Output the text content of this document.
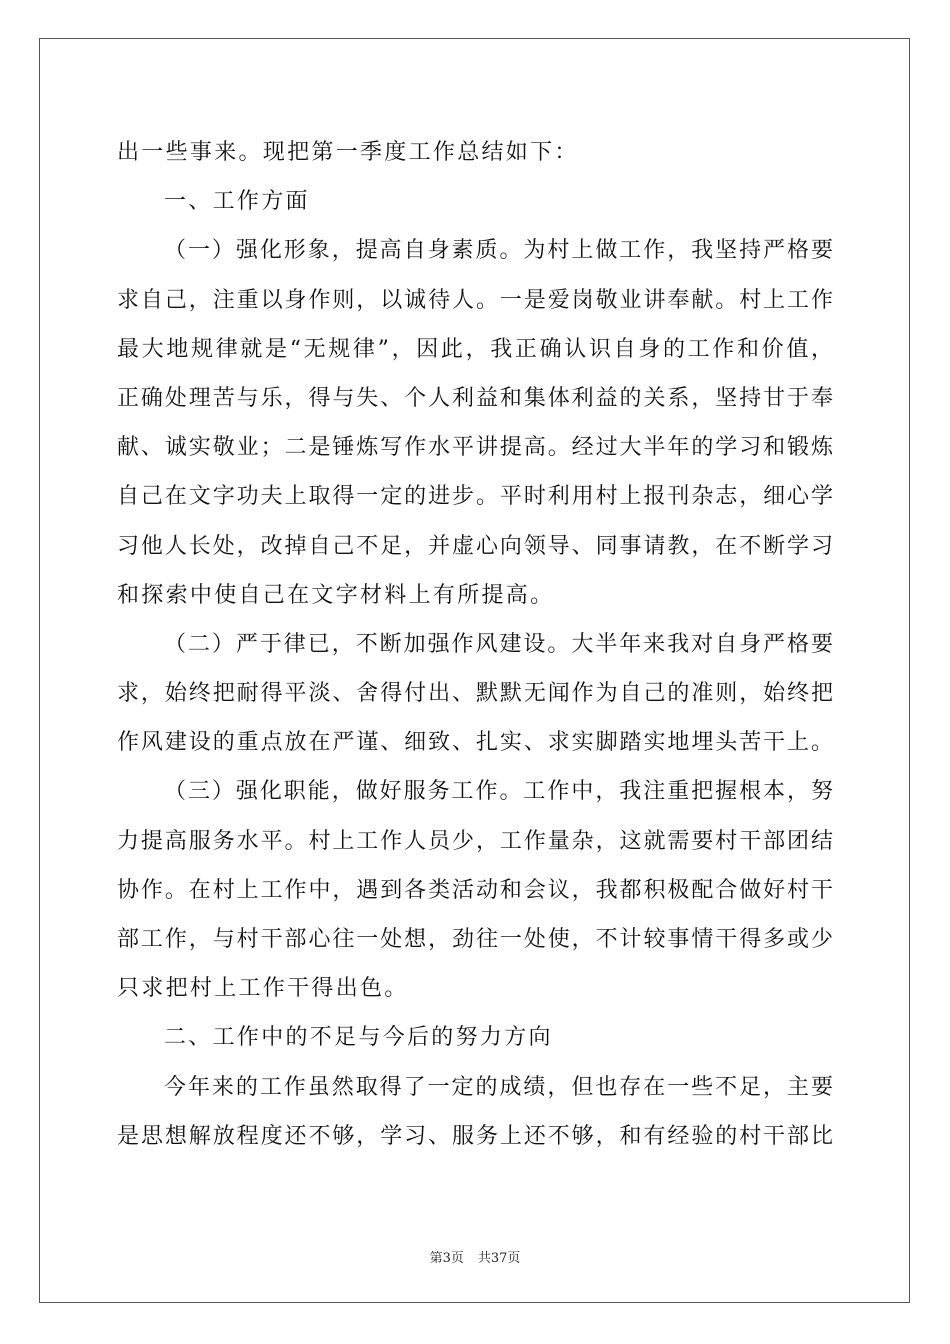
出一些事来。现把第一季度工作总结如下：
一、工作方面
（一）强化形象，提高自身素质。为村上做工作，我坚持严格要
求自己，注重以身作则，以诚待人。一是爱岗敬业讲奉献。村上工作
最大地规律就是“无规律”，因此，我正确认识自身的工作和价值，
正确处理苦与乐，得与失、个人利益和集体利益的关系，坚持甘于奉
献、诚实敬业；二是锤炼写作水平讲提高。经过大半年的学习和锻炼
自己在文字功夫上取得一定的进步。平时利用村上报刊杂志，细心学
习他人长处，改掉自己不足，并虚心向领导、同事请教，在不断学习
和探索中使自己在文字材料上有所提高。
（二）严于律已，不断加强作风建设。大半年来我对自身严格要
求，始终把耐得平淡、舍得付出、默默无闻作为自己的准则，始终把
作风建设的重点放在严谨、细致、扎实、求实脚踏实地埋头苦干上。
（三）强化职能，做好服务工作。工作中，我注重把握根本，努
力提高服务水平。村上工作人员少，工作量杂，这就需要村干部团结
协作。在村上工作中，遇到各类活动和会议，我都积极配合做好村干
部工作，与村干部心往一处想，劲往一处使，不计较事情干得多或少
只求把村上工作干得出色。
二、工作中的不足与今后的努力方向
今年来的工作虽然取得了一定的成绩，但也存在一些不足，主要
是思想解放程度还不够，学习、服务上还不够，和有经验的村干部比
第3页 共37页
